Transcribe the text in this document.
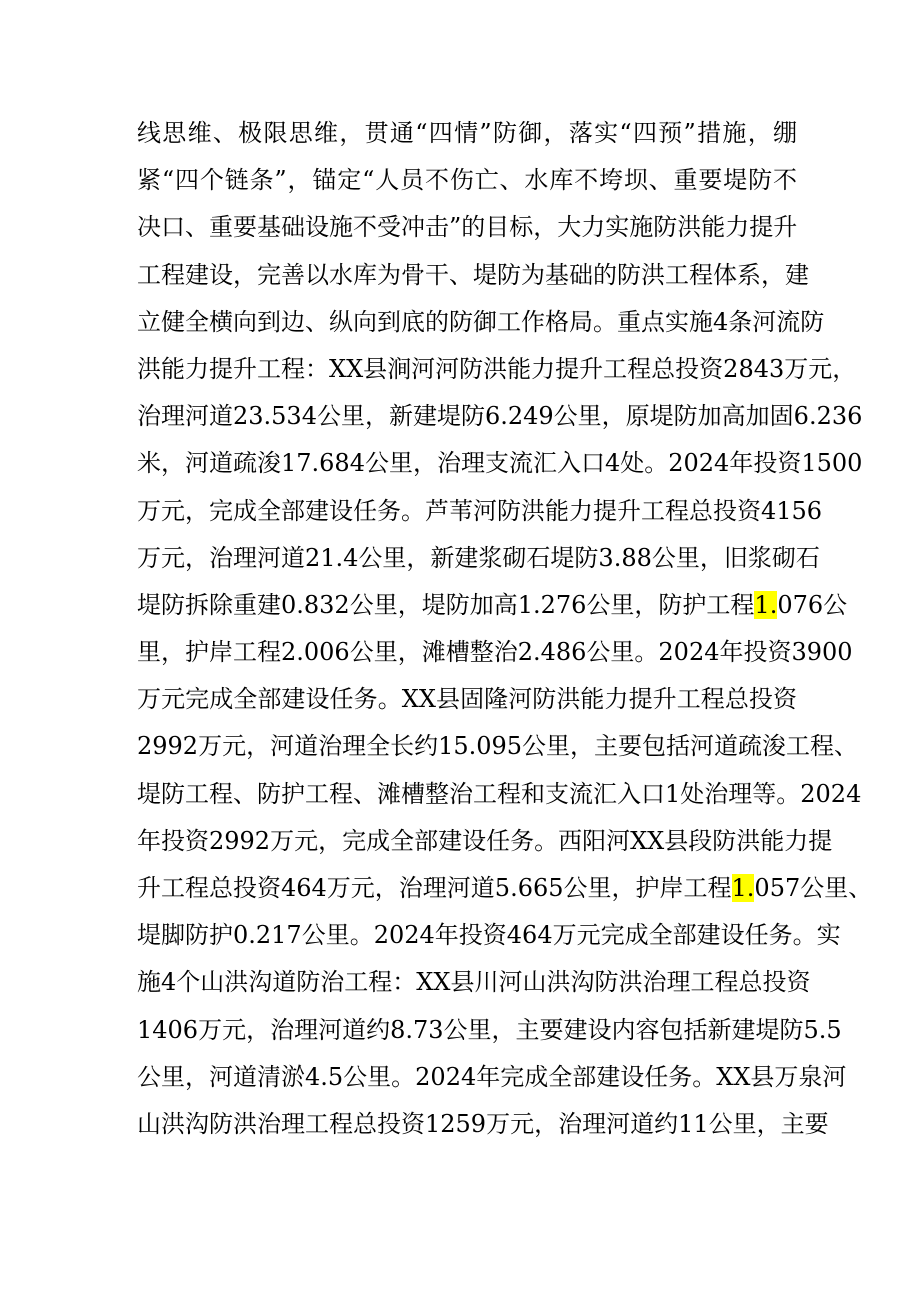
线思维、极限思维，贯通“四情”防御，落实“四预”措施，绷
紧“四个链条”，锚定“人员不伤亡、水库不垮坝、重要堤防不
决口、重要基础设施不受冲击”的目标，大力实施防洪能力提升
工程建设，完善以水库为骨干、堤防为基础的防洪工程体系，建
立健全横向到边、纵向到底的防御工作格局。重点实施4条河流防
洪能力提升工程：XX县涧河河防洪能力提升工程总投资2843万元，
治理河道23.534公里，新建堤防6.249公里，原堤防加高加固6.236
米，河道疏浚17.684公里，治理支流汇入口4处。2024年投资1500
万元，完成全部建设任务。芦苇河防洪能力提升工程总投资4156
万元，治理河道21.4公里，新建浆砌石堤防3.88公里，旧浆砌石
堤防拆除重建0.832公里，堤防加高1.276公里，防护工程1.076公
里，护岸工程2.006公里，滩槽整治2.486公里。2024年投资3900
万元完成全部建设任务。XX县固隆河防洪能力提升工程总投资
2992万元，河道治理全长约15.095公里，主要包括河道疏浚工程、
堤防工程、防护工程、滩槽整治工程和支流汇入口1处治理等。2024
年投资2992万元，完成全部建设任务。西阳河XX县段防洪能力提
升工程总投资464万元，治理河道5.665公里，护岸工程1.057公里、
堤脚防护0.217公里。2024年投资464万元完成全部建设任务。实
施4个山洪沟道防治工程：XX县川河山洪沟防洪治理工程总投资
1406万元，治理河道约8.73公里，主要建设内容包括新建堤防5.5
公里，河道清淤4.5公里。2024年完成全部建设任务。XX县万泉河
山洪沟防洪治理工程总投资1259万元，治理河道约11公里，主要
